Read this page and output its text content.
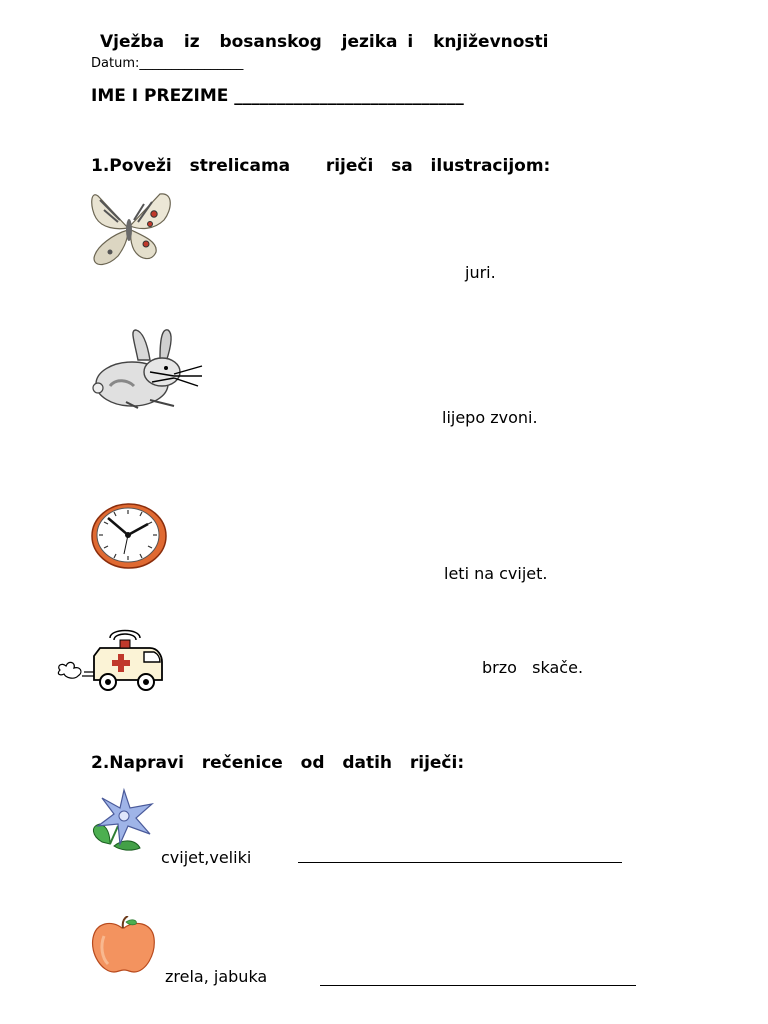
Vježba  iz  bosanskog  jezika i  književnosti
Datum:________________
IME I PREZIME ___________________________
1.Poveži  strelicama    riječi  sa  ilustracijom:
juri.
lijepo zvoni.
leti na cvijet.
brzo   skače.
2.Napravi  rečenice  od  datih  riječi:
cvijet,veliki
zrela, jabuka
